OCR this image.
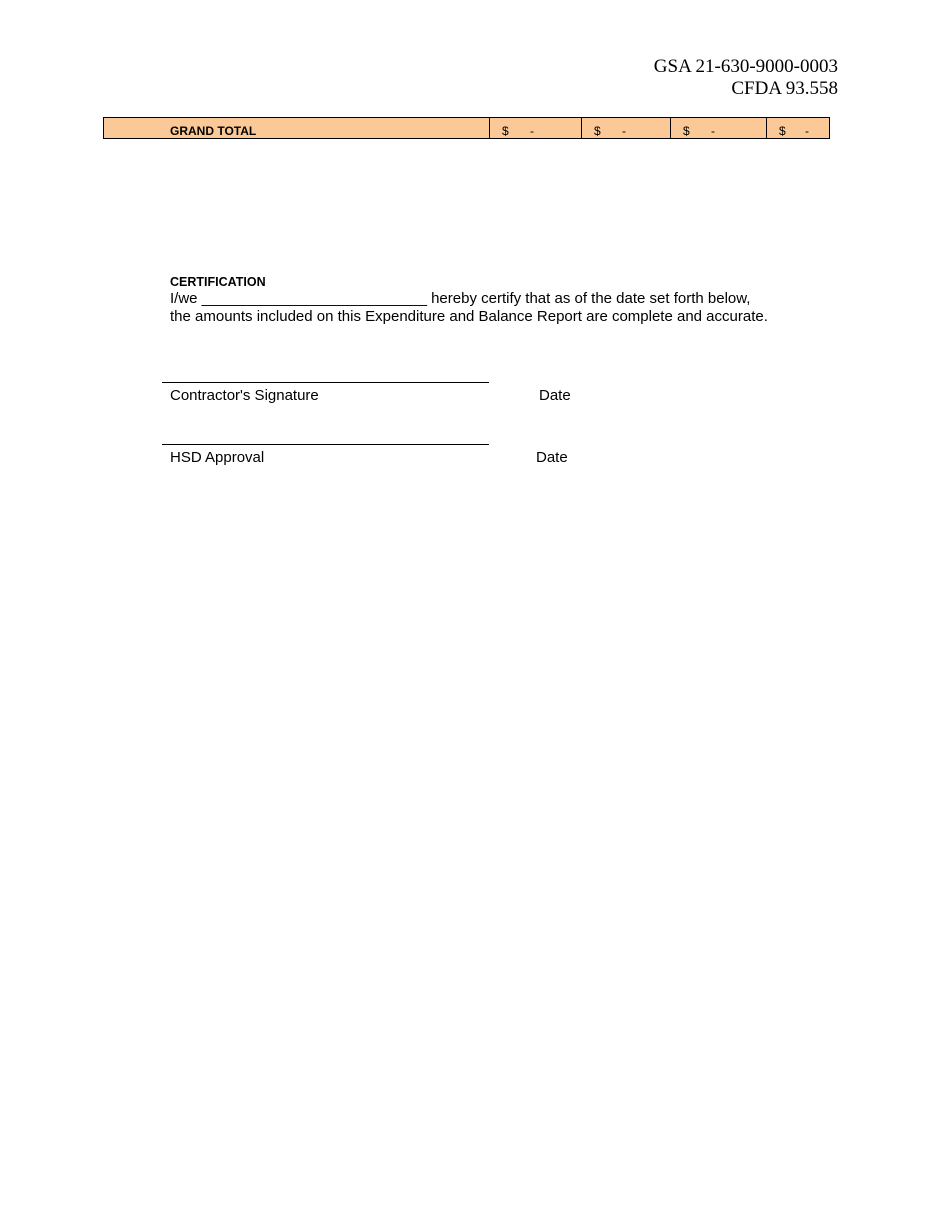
GSA 21-630-9000-0003
CFDA 93.558
GRAND TOTAL	$ -	$ -	$ -	$ -
CERTIFICATION

I/we ___________________________ hereby certify that as of the date set forth below, the amounts included on this Expenditure and Balance Report are complete and accurate.

Contractor's Signature	Date
HSD Approval	Date
